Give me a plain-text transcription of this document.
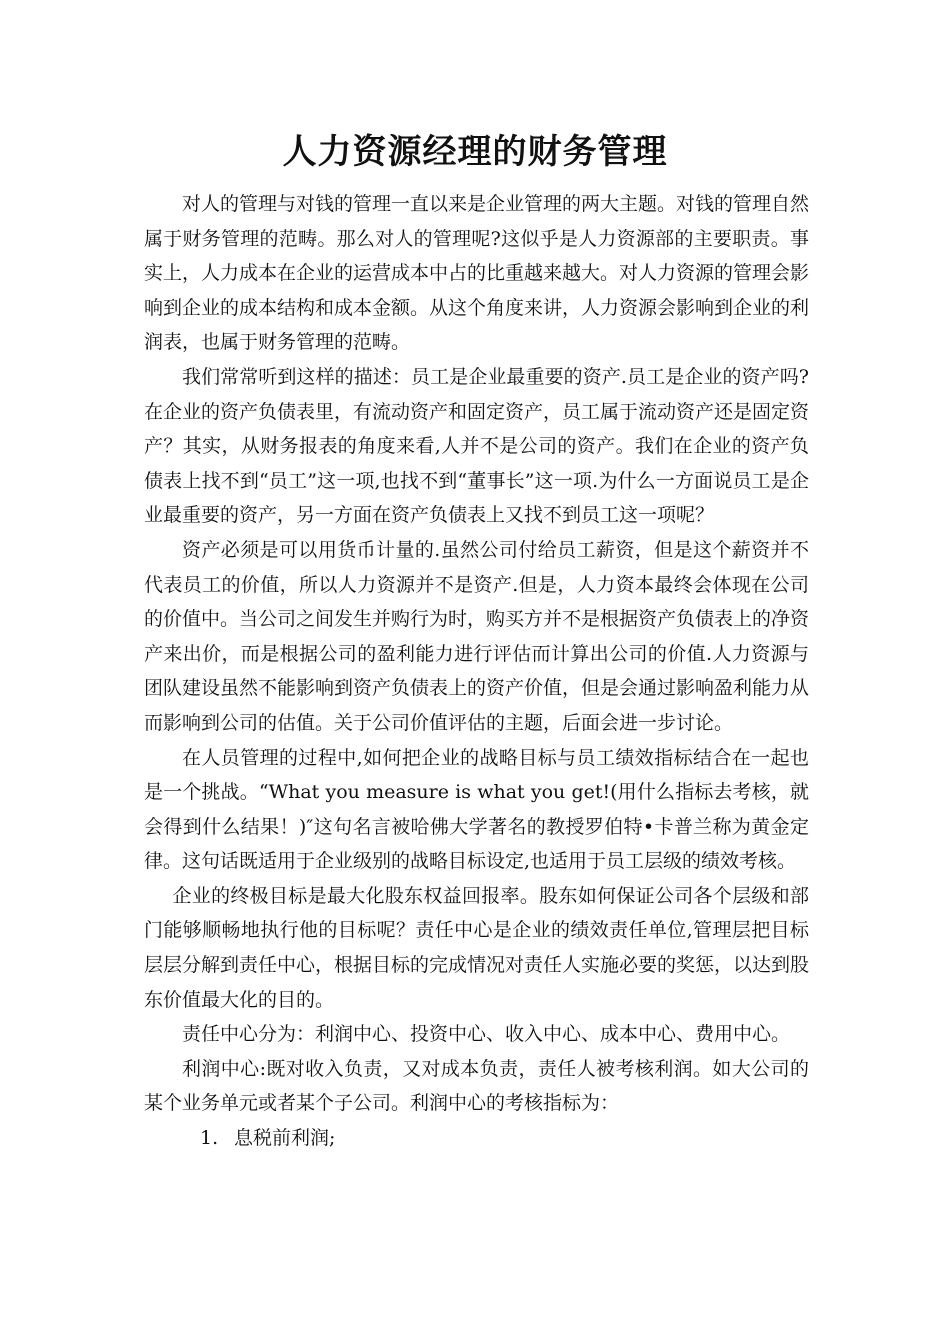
人力资源经理的财务管理

对人的管理与对钱的管理一直以来是企业管理的两大主题。对钱的管理自然属于财务管理的范畴。那么对人的管理呢?这似乎是人力资源部的主要职责。事实上，人力成本在企业的运营成本中占的比重越来越大。对人力资源的管理会影响到企业的成本结构和成本金额。从这个角度来讲，人力资源会影响到企业的利润表，也属于财务管理的范畴。

我们常常听到这样的描述：员工是企业最重要的资产.员工是企业的资产吗?在企业的资产负债表里，有流动资产和固定资产，员工属于流动资产还是固定资产？其实，从财务报表的角度来看,人并不是公司的资产。我们在企业的资产负债表上找不到“员工”这一项,也找不到“董事长”这一项.为什么一方面说员工是企业最重要的资产，另一方面在资产负债表上又找不到员工这一项呢？

资产必须是可以用货币计量的.虽然公司付给员工薪资，但是这个薪资并不代表员工的价值，所以人力资源并不是资产.但是，人力资本最终会体现在公司的价值中。当公司之间发生并购行为时，购买方并不是根据资产负债表上的净资产来出价，而是根据公司的盈利能力进行评估而计算出公司的价值.人力资源与团队建设虽然不能影响到资产负债表上的资产价值，但是会通过影响盈利能力从而影响到公司的估值。关于公司价值评估的主题，后面会进一步讨论。

在人员管理的过程中,如何把企业的战略目标与员工绩效指标结合在一起也是一个挑战。“What you measure is what you get!(用什么指标去考核，就会得到什么结果！)″这句名言被哈佛大学著名的教授罗伯特•卡普兰称为黄金定律。这句话既适用于企业级别的战略目标设定,也适用于员工层级的绩效考核。

企业的终极目标是最大化股东权益回报率。股东如何保证公司各个层级和部门能够顺畅地执行他的目标呢？责任中心是企业的绩效责任单位,管理层把目标层层分解到责任中心，根据目标的完成情况对责任人实施必要的奖惩，以达到股东价值最大化的目的。

责任中心分为：利润中心、投资中心、收入中心、成本中心、费用中心。

利润中心:既对收入负责，又对成本负责，责任人被考核利润。如大公司的某个业务单元或者某个子公司。利润中心的考核指标为：

1. 息税前利润;
